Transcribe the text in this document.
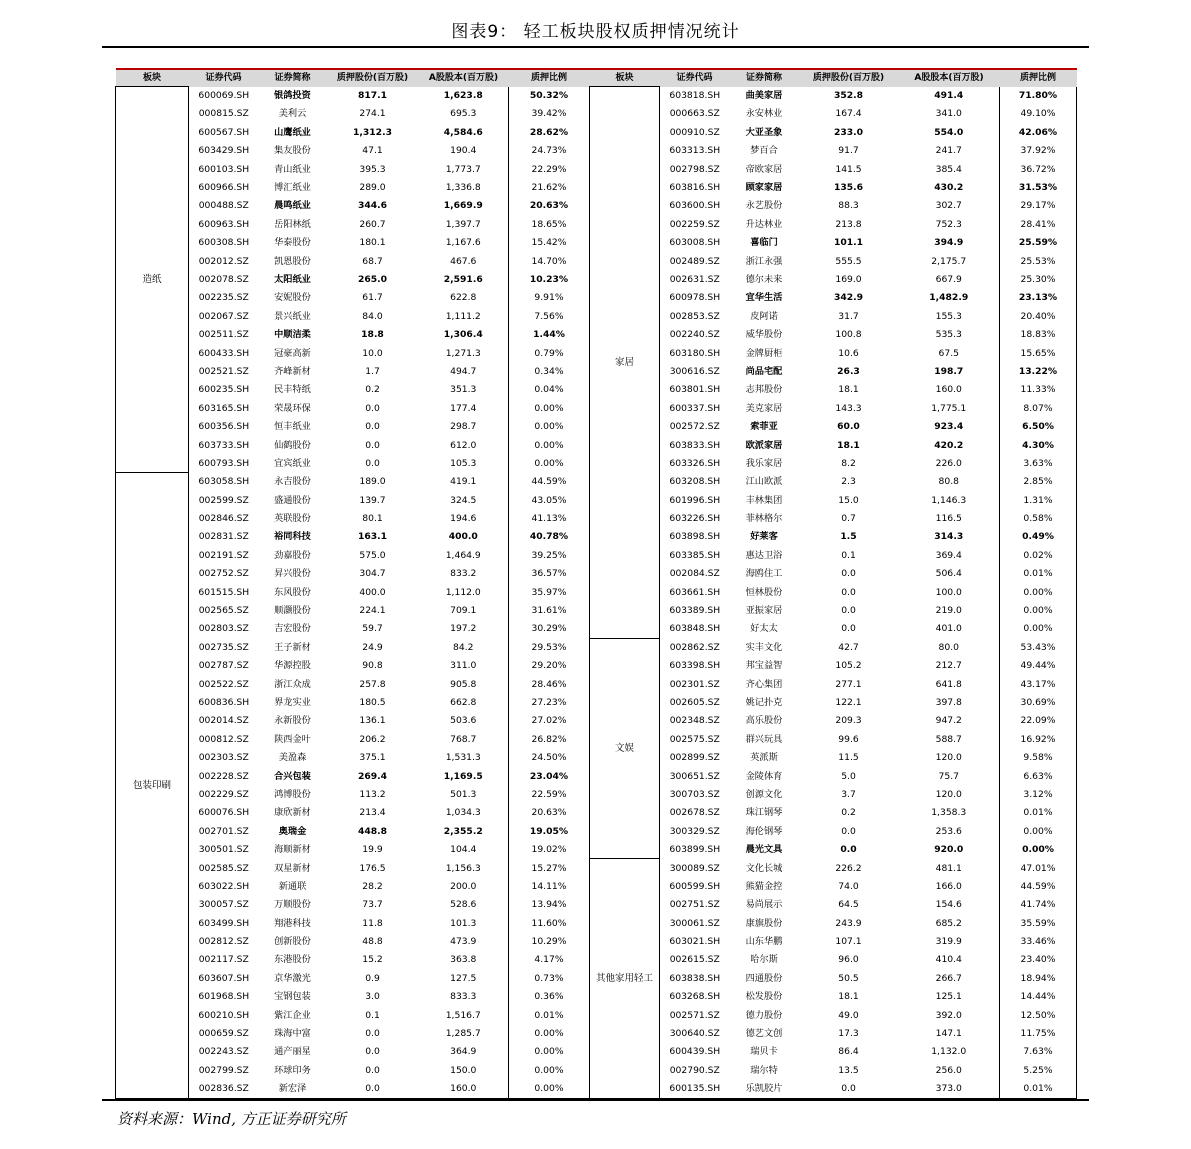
图表9： 轻工板块股权质押情况统计
板块	证券代码	证券简称	质押股份(百万股)	A股股本(百万股)	质押比例	板块	证券代码	证券简称	质押股份(百万股)	A股股本(百万股)	质押比例
造纸	600069.SH	银鸽投资	817.1	1,623.8	50.32%	家居	603818.SH	曲美家居	352.8	491.4	71.80%
	000815.SZ	美利云	274.1	695.3	39.42%		000663.SZ	永安林业	167.4	341.0	49.10%
	600567.SH	山鹰纸业	1,312.3	4,584.6	28.62%		000910.SZ	大亚圣象	233.0	554.0	42.06%
	603429.SH	集友股份	47.1	190.4	24.73%		603313.SH	梦百合	91.7	241.7	37.92%
	600103.SH	青山纸业	395.3	1,773.7	22.29%		002798.SZ	帝欧家居	141.5	385.4	36.72%
	600966.SH	博汇纸业	289.0	1,336.8	21.62%		603816.SH	顾家家居	135.6	430.2	31.53%
	000488.SZ	晨鸣纸业	344.6	1,669.9	20.63%		603600.SH	永艺股份	88.3	302.7	29.17%
	600963.SH	岳阳林纸	260.7	1,397.7	18.65%		002259.SZ	升达林业	213.8	752.3	28.41%
	600308.SH	华泰股份	180.1	1,167.6	15.42%		603008.SH	喜临门	101.1	394.9	25.59%
	002012.SZ	凯恩股份	68.7	467.6	14.70%		002489.SZ	浙江永强	555.5	2,175.7	25.53%
	002078.SZ	太阳纸业	265.0	2,591.6	10.23%		002631.SZ	德尔未来	169.0	667.9	25.30%
	002235.SZ	安妮股份	61.7	622.8	9.91%		600978.SH	宜华生活	342.9	1,482.9	23.13%
	002067.SZ	景兴纸业	84.0	1,111.2	7.56%		002853.SZ	皮阿诺	31.7	155.3	20.40%
	002511.SZ	中顺洁柔	18.8	1,306.4	1.44%		002240.SZ	威华股份	100.8	535.3	18.83%
	600433.SH	冠豪高新	10.0	1,271.3	0.79%		603180.SH	金牌厨柜	10.6	67.5	15.65%
	002521.SZ	齐峰新材	1.7	494.7	0.34%		300616.SZ	尚品宅配	26.3	198.7	13.22%
	600235.SH	民丰特纸	0.2	351.3	0.04%		603801.SH	志邦股份	18.1	160.0	11.33%
	603165.SH	荣晟环保	0.0	177.4	0.00%		600337.SH	美克家居	143.3	1,775.1	8.07%
	600356.SH	恒丰纸业	0.0	298.7	0.00%		002572.SZ	索菲亚	60.0	923.4	6.50%
	603733.SH	仙鹤股份	0.0	612.0	0.00%		603833.SH	欧派家居	18.1	420.2	4.30%
	600793.SH	宜宾纸业	0.0	105.3	0.00%		603326.SH	我乐家居	8.2	226.0	3.63%
包装印刷	603058.SH	永吉股份	189.0	419.1	44.59%		603208.SH	江山欧派	2.3	80.8	2.85%
	002599.SZ	盛通股份	139.7	324.5	43.05%		601996.SH	丰林集团	15.0	1,146.3	1.31%
	002846.SZ	英联股份	80.1	194.6	41.13%		603226.SH	菲林格尔	0.7	116.5	0.58%
	002831.SZ	裕同科技	163.1	400.0	40.78%		603898.SH	好莱客	1.5	314.3	0.49%
	002191.SZ	劲嘉股份	575.0	1,464.9	39.25%		603385.SH	惠达卫浴	0.1	369.4	0.02%
	002752.SZ	昇兴股份	304.7	833.2	36.57%		002084.SZ	海鸥住工	0.0	506.4	0.01%
	601515.SH	东风股份	400.0	1,112.0	35.97%		603661.SH	恒林股份	0.0	100.0	0.00%
	002565.SZ	顺灏股份	224.1	709.1	31.61%		603389.SH	亚振家居	0.0	219.0	0.00%
	002803.SZ	吉宏股份	59.7	197.2	30.29%		603848.SH	好太太	0.0	401.0	0.00%
	002735.SZ	王子新材	24.9	84.2	29.53%	文娱	002862.SZ	实丰文化	42.7	80.0	53.43%
	002787.SZ	华源控股	90.8	311.0	29.20%		603398.SH	邦宝益智	105.2	212.7	49.44%
	002522.SZ	浙江众成	257.8	905.8	28.46%		002301.SZ	齐心集团	277.1	641.8	43.17%
	600836.SH	界龙实业	180.5	662.8	27.23%		002605.SZ	姚记扑克	122.1	397.8	30.69%
	002014.SZ	永新股份	136.1	503.6	27.02%		002348.SZ	高乐股份	209.3	947.2	22.09%
	000812.SZ	陕西金叶	206.2	768.7	26.82%		002575.SZ	群兴玩具	99.6	588.7	16.92%
	002303.SZ	美盈森	375.1	1,531.3	24.50%		002899.SZ	英派斯	11.5	120.0	9.58%
	002228.SZ	合兴包装	269.4	1,169.5	23.04%		300651.SZ	金陵体育	5.0	75.7	6.63%
	002229.SZ	鸿博股份	113.2	501.3	22.59%		300703.SZ	创源文化	3.7	120.0	3.12%
	600076.SH	康欣新材	213.4	1,034.3	20.63%		002678.SZ	珠江钢琴	0.2	1,358.3	0.01%
	002701.SZ	奥瑞金	448.8	2,355.2	19.05%		300329.SZ	海伦钢琴	0.0	253.6	0.00%
	300501.SZ	海顺新材	19.9	104.4	19.02%		603899.SH	晨光文具	0.0	920.0	0.00%
	002585.SZ	双星新材	176.5	1,156.3	15.27%	其他家用轻工	300089.SZ	文化长城	226.2	481.1	47.01%
	603022.SH	新通联	28.2	200.0	14.11%		600599.SH	熊猫金控	74.0	166.0	44.59%
	300057.SZ	万顺股份	73.7	528.6	13.94%		002751.SZ	易尚展示	64.5	154.6	41.74%
	603499.SH	翔港科技	11.8	101.3	11.60%		300061.SZ	康旗股份	243.9	685.2	35.59%
	002812.SZ	创新股份	48.8	473.9	10.29%		603021.SH	山东华鹏	107.1	319.9	33.46%
	002117.SZ	东港股份	15.2	363.8	4.17%		002615.SZ	哈尔斯	96.0	410.4	23.40%
	603607.SH	京华激光	0.9	127.5	0.73%		603838.SH	四通股份	50.5	266.7	18.94%
	601968.SH	宝钢包装	3.0	833.3	0.36%		603268.SH	松发股份	18.1	125.1	14.44%
	600210.SH	紫江企业	0.1	1,516.7	0.01%		002571.SZ	德力股份	49.0	392.0	12.50%
	000659.SZ	珠海中富	0.0	1,285.7	0.00%		300640.SZ	德艺文创	17.3	147.1	11.75%
	002243.SZ	通产丽星	0.0	364.9	0.00%		600439.SH	瑞贝卡	86.4	1,132.0	7.63%
	002799.SZ	环球印务	0.0	150.0	0.00%		002790.SZ	瑞尔特	13.5	256.0	5.25%
	002836.SZ	新宏泽	0.0	160.0	0.00%		600135.SH	乐凯胶片	0.0	373.0	0.01%
资料来源：Wind, 方正证券研究所
